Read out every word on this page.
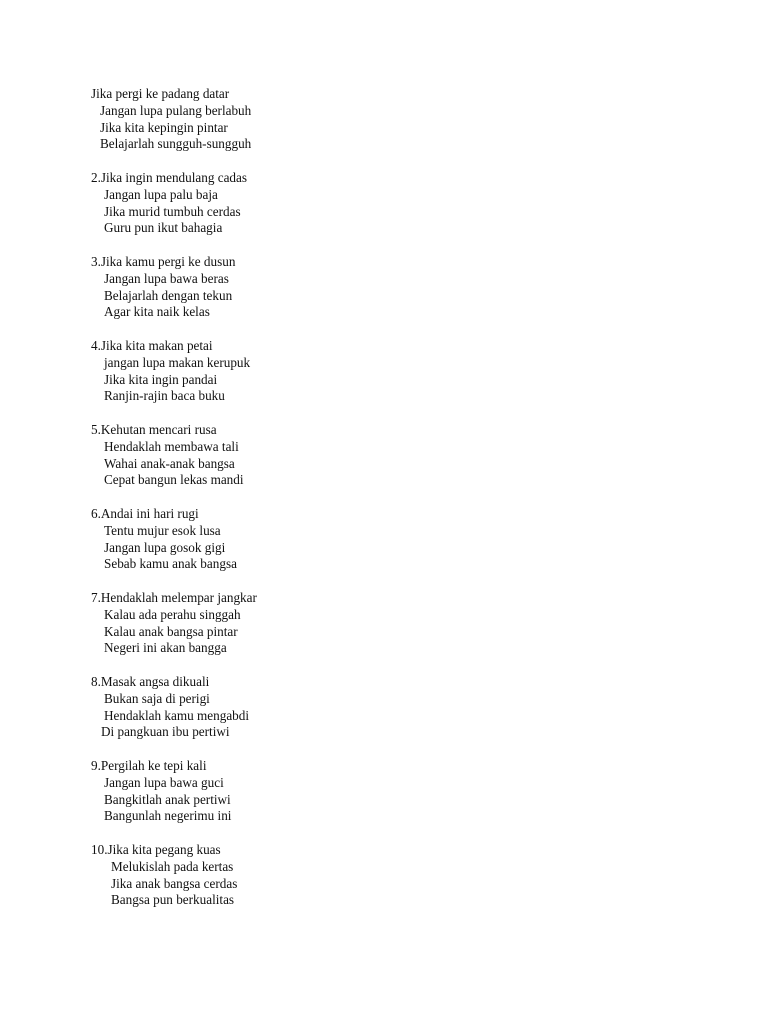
Jika pergi ke padang datar
Jangan lupa pulang berlabuh
Jika kita kepingin pintar
Belajarlah sungguh-sungguh
2.Jika ingin mendulang cadas
Jangan lupa palu baja
Jika murid tumbuh cerdas
Guru pun ikut bahagia
3.Jika kamu pergi ke dusun
Jangan lupa bawa beras
Belajarlah dengan tekun
Agar kita naik kelas
4.Jika kita makan petai
jangan lupa makan kerupuk
Jika kita ingin pandai
Ranjin-rajin baca buku
5.Kehutan mencari rusa
Hendaklah membawa tali
Wahai anak-anak bangsa
Cepat bangun lekas mandi
6.Andai ini hari rugi
Tentu mujur esok lusa
Jangan lupa gosok gigi
Sebab kamu anak bangsa
7.Hendaklah melempar jangkar
Kalau ada perahu singgah
Kalau anak bangsa pintar
Negeri ini akan bangga
8.Masak angsa dikuali
Bukan saja di perigi
Hendaklah kamu mengabdi
Di pangkuan ibu pertiwi
9.Pergilah ke tepi kali
Jangan lupa bawa guci
Bangkitlah anak pertiwi
Bangunlah negerimu ini
10.Jika kita pegang kuas
Melukislah pada kertas
Jika anak bangsa cerdas
Bangsa pun berkualitas
